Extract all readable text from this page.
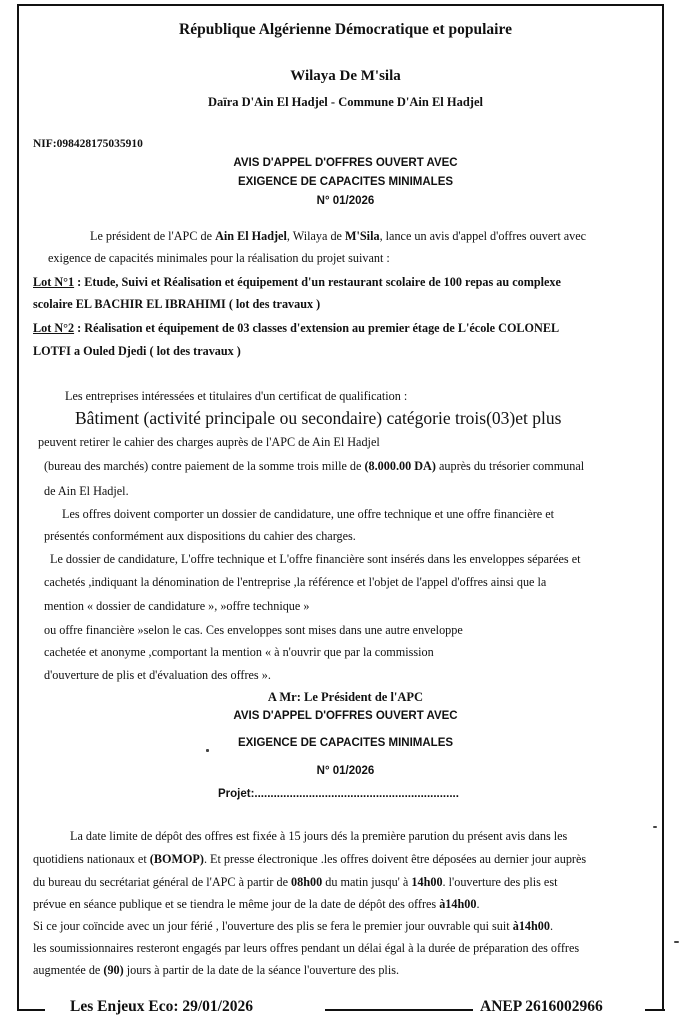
République Algérienne Démocratique et populaire
Wilaya De M'sila
Daïra D'Ain El Hadjel - Commune D'Ain El Hadjel
NIF:098428175035910
AVIS D'APPEL D'OFFRES OUVERT AVEC
EXIGENCE DE CAPACITES MINIMALES
N° 01/2026
Le président de l'APC de Ain El Hadjel, Wilaya de M'Sila, lance un avis d'appel d'offres ouvert avec
exigence de capacités minimales pour la réalisation du projet suivant :
Lot N°1 : Etude, Suivi et Réalisation et équipement d'un restaurant scolaire de 100 repas au complexe
scolaire EL BACHIR EL IBRAHIMI ( lot des travaux )
Lot N°2 : Réalisation et équipement de 03 classes d'extension au premier étage de L'école COLONEL
LOTFI a Ouled Djedi ( lot des travaux )
Les entreprises intéressées et titulaires d'un certificat de qualification :
Bâtiment (activité principale ou secondaire) catégorie trois(03)et plus
peuvent retirer le cahier des charges auprès de l'APC de Ain El Hadjel
(bureau des marchés) contre paiement de la somme trois mille de (8.000.00 DA) auprès du trésorier communal
de Ain El Hadjel.
Les offres doivent comporter un dossier de candidature, une offre technique et une offre financière et
présentés conformément aux dispositions du cahier des charges.
Le dossier de candidature, L'offre technique et L'offre financière sont insérés dans les enveloppes séparées et
cachetés ,indiquant la dénomination de l'entreprise ,la référence et l'objet de l'appel d'offres ainsi que la
mention « dossier de candidature », »offre technique »
ou offre financière »selon le cas. Ces enveloppes sont mises dans une autre enveloppe
cachetée et anonyme ,comportant la mention « à n'ouvrir que par la commission
d'ouverture de plis et d'évaluation des offres ».
A Mr: Le Président de l'APC
AVIS D'APPEL D'OFFRES OUVERT AVEC
EXIGENCE DE CAPACITES MINIMALES
N° 01/2026
Projet:................................................................
La date limite de dépôt des offres est fixée à 15 jours dés la première parution du présent avis dans les
quotidiens nationaux et (BOMOP). Et presse électronique .les offres doivent être déposées au dernier jour auprès
du bureau du secrétariat général de l'APC à partir de 08h00 du matin jusqu' à 14h00. l'ouverture des plis est
prévue en séance publique et se tiendra le même jour de la date de dépôt des offres à14h00.
Si ce jour coïncide avec un jour férié , l'ouverture des plis se fera le premier jour ouvrable qui suit à14h00.
les soumissionnaires resteront engagés par leurs offres pendant un délai égal à la durée de préparation des offres
augmentée de (90) jours à partir de la date de la séance l'ouverture des plis.
Les Enjeux Eco: 29/01/2026	ANEP 2616002966
